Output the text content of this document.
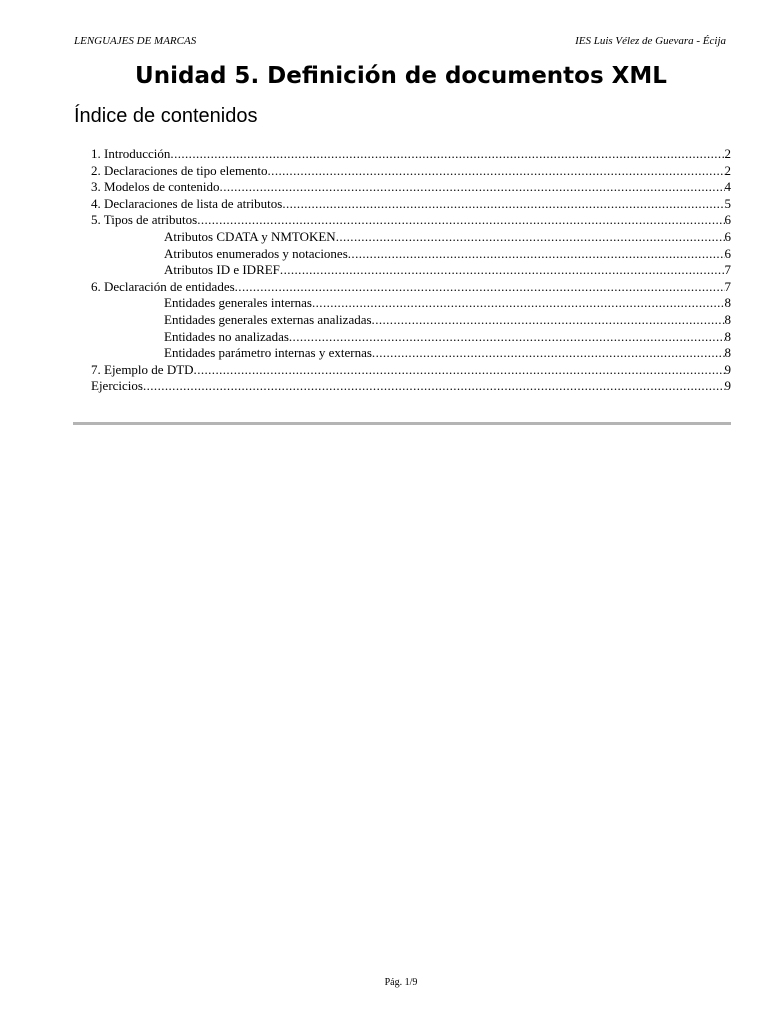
LENGUAJES DE MARCAS	IES Luis Vélez de Guevara - Écija
Unidad 5. Definición de documentos XML
Índice de contenidos
1. Introducción .....	2
2. Declaraciones de tipo elemento .....	2
3. Modelos de contenido .....	4
4. Declaraciones de lista de atributos .....	5
5. Tipos de atributos .....	6
Atributos CDATA y NMTOKEN .....	6
Atributos enumerados y notaciones .....	6
Atributos ID e IDREF .....	7
6. Declaración de entidades .....	7
Entidades generales internas .....	8
Entidades generales externas analizadas .....	8
Entidades no analizadas .....	8
Entidades parámetro internas y externas .....	8
7. Ejemplo de DTD .....	9
Ejercicios .....	9
Pág. 1/9
